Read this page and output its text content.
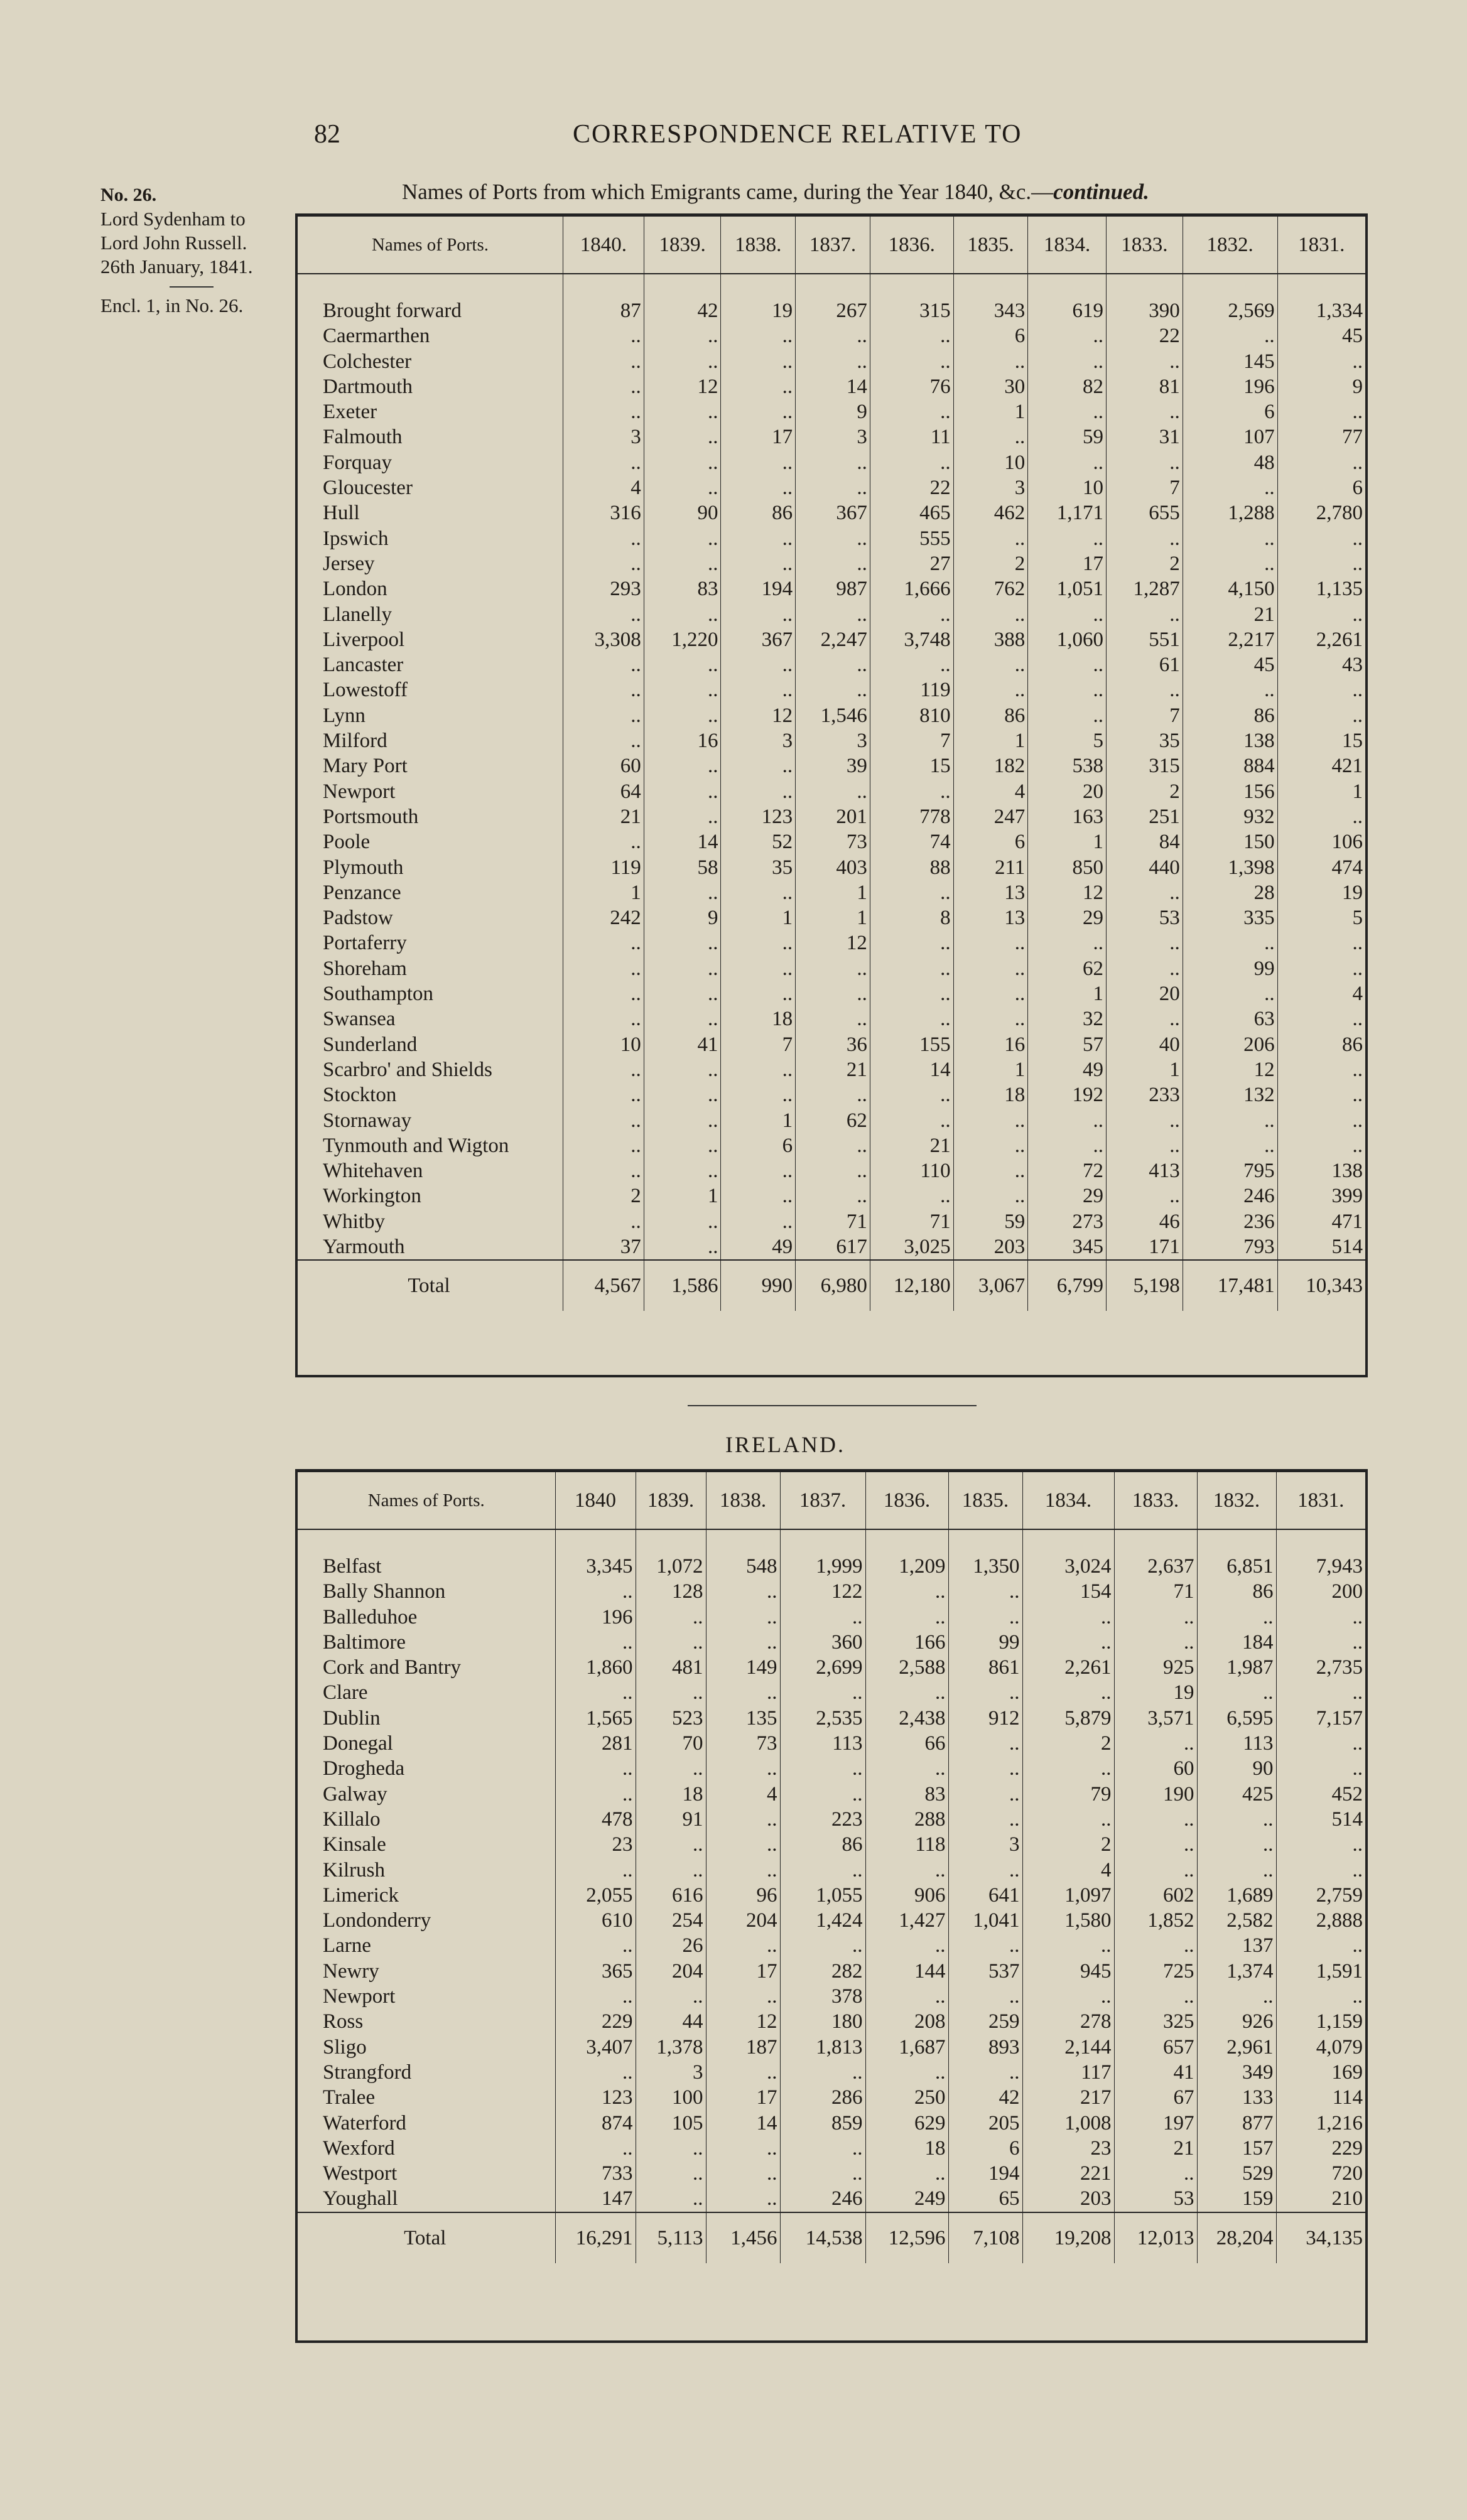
82	CORRESPONDENCE RELATIVE TO
No. 26.
Lord Sydenham to
Lord John Russell.
26th January, 1841.
Encl. 1, in No. 26.
Names of Ports from which Emigrants came, during the Year 1840, &c.—continued.
Names of Ports.	1840.	1839.	1838.	1837.	1836.	1835.	1834.	1833.	1832.	1831.

Brought forward	87	42	19	267	315	343	619	390	2,569	1,334
Caermarthen	..	..	..	..	..	6	..	22	..	45
Colchester	..	..	..	..	..	..	..	..	145	..
Dartmouth	..	12	..	14	76	30	82	81	196	9
Exeter	..	..	..	9	..	1	..	..	6	..
Falmouth	3	..	17	3	11	..	59	31	107	77
Forquay	..	..	..	..	..	10	..	..	48	..
Gloucester	4	..	..	..	22	3	10	7	..	6
Hull	316	90	86	367	465	462	1,171	655	1,288	2,780
Ipswich	..	..	..	..	555	..	..	..	..	..
Jersey	..	..	..	..	27	2	17	2	..	..
London	293	83	194	987	1,666	762	1,051	1,287	4,150	1,135
Llanelly	..	..	..	..	..	..	..	..	21	..
Liverpool	3,308	1,220	367	2,247	3,748	388	1,060	551	2,217	2,261
Lancaster	..	..	..	..	..	..	..	61	45	43
Lowestoff	..	..	..	..	119	..	..	..	..	..
Lynn	..	..	12	1,546	810	86	..	7	86	..
Milford	..	16	3	3	7	1	5	35	138	15
Mary Port	60	..	..	39	15	182	538	315	884	421
Newport	64	..	..	..	..	4	20	2	156	1
Portsmouth	21	..	123	201	778	247	163	251	932	..
Poole	..	14	52	73	74	6	1	84	150	106
Plymouth	119	58	35	403	88	211	850	440	1,398	474
Penzance	1	..	..	1	..	13	12	..	28	19
Padstow	242	9	1	1	8	13	29	53	335	5
Portaferry	..	..	..	12	..	..	..	..	..	..
Shoreham	..	..	..	..	..	..	62	..	99	..
Southampton	..	..	..	..	..	..	1	20	..	4
Swansea	..	..	18	..	..	..	32	..	63	..
Sunderland	10	41	7	36	155	16	57	40	206	86
Scarbro' and Shields	..	..	..	21	14	1	49	1	12	..
Stockton	..	..	..	..	..	18	192	233	132	..
Stornaway	..	..	1	62	..	..	..	..	..	..
Tynmouth and Wigton	..	..	6	..	21	..	..	..	..	..
Whitehaven	..	..	..	..	110	..	72	413	795	138
Workington	2	1	..	..	..	..	29	..	246	399
Whitby	..	..	..	71	71	59	273	46	236	471
Yarmouth	37	..	49	617	3,025	203	345	171	793	514
Total	4,567	1,586	990	6,980	12,180	3,067	6,799	5,198	17,481	10,343
IRELAND.
Names of Ports.	1840	1839.	1838.	1837.	1836.	1835.	1834.	1833.	1832.	1831.

Belfast	3,345	1,072	548	1,999	1,209	1,350	3,024	2,637	6,851	7,943
Bally Shannon	..	128	..	122	..	..	154	71	86	200
Balleduhoe	196	..	..	..	..	..	..	..	..	..
Baltimore	..	..	..	360	166	99	..	..	184	..
Cork and Bantry	1,860	481	149	2,699	2,588	861	2,261	925	1,987	2,735
Clare	..	..	..	..	..	..	..	19	..	..
Dublin	1,565	523	135	2,535	2,438	912	5,879	3,571	6,595	7,157
Donegal	281	70	73	113	66	..	2	..	113	..
Drogheda	..	..	..	..	..	..	..	60	90	..
Galway	..	18	4	..	83	..	79	190	425	452
Killalo	478	91	..	223	288	..	..	..	..	514
Kinsale	23	..	..	86	118	3	2	..	..	..
Kilrush	..	..	..	..	..	..	4	..	..	..
Limerick	2,055	616	96	1,055	906	641	1,097	602	1,689	2,759
Londonderry	610	254	204	1,424	1,427	1,041	1,580	1,852	2,582	2,888
Larne	..	26	..	..	..	..	..	..	137	..
Newry	365	204	17	282	144	537	945	725	1,374	1,591
Newport	..	..	..	378	..	..	..	..	..	..
Ross	229	44	12	180	208	259	278	325	926	1,159
Sligo	3,407	1,378	187	1,813	1,687	893	2,144	657	2,961	4,079
Strangford	..	3	..	..	..	..	117	41	349	169
Tralee	123	100	17	286	250	42	217	67	133	114
Waterford	874	105	14	859	629	205	1,008	197	877	1,216
Wexford	..	..	..	..	18	6	23	21	157	229
Westport	733	..	..	..	..	194	221	..	529	720
Youghall	147	..	..	246	249	65	203	53	159	210
Total	16,291	5,113	1,456	14,538	12,596	7,108	19,208	12,013	28,204	34,135
